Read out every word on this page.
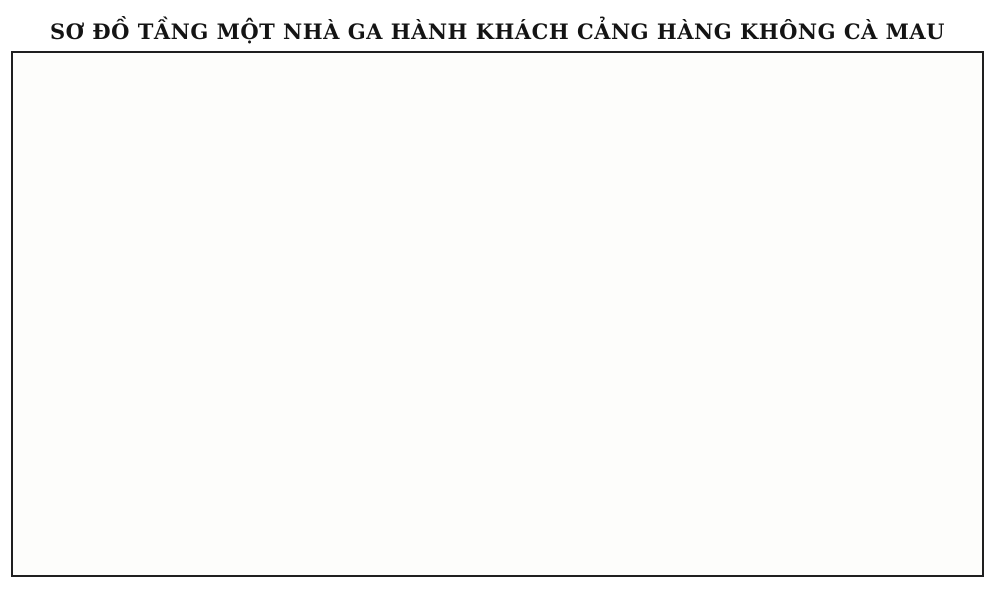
SƠ ĐỒ TẦNG MỘT NHÀ GA HÀNH KHÁCH CẢNG HÀNG KHÔNG CÀ MAU
